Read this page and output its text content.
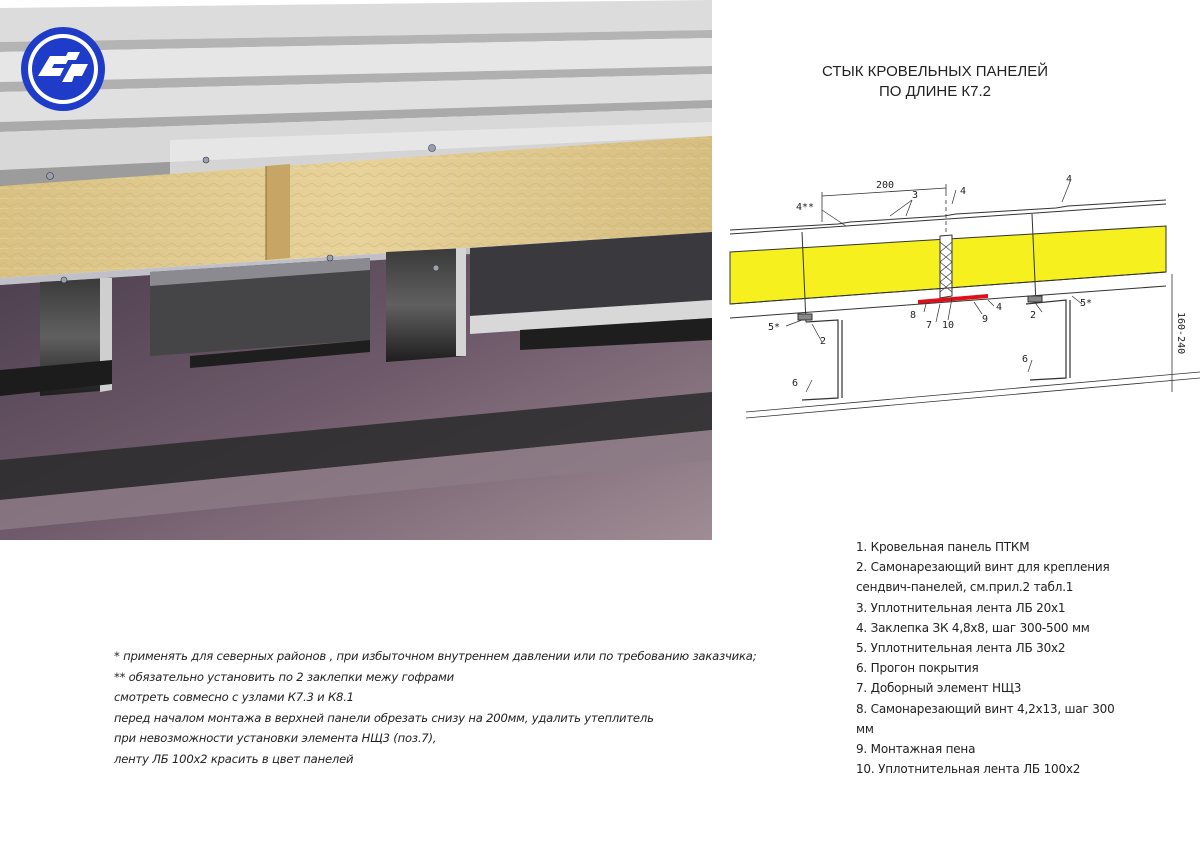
СТЫК КРОВЕЛЬНЫХ ПАНЕЛЕЙ
ПО ДЛИНЕ К7.2
200
160-240
4**
3	4
4
5*
2
8
7 10
4
9	2
5*
6
6
1. Кровельная панель ПТКМ
2. Самонарезающий винт для крепления
сендвич-панелей, см.прил.2 табл.1
3. Уплотнительная лента ЛБ 20х1
4. Заклепка ЗК 4,8х8, шаг 300-500 мм
5. Уплотнительная лента ЛБ 30х2
6. Прогон покрытия
7. Доборный элемент НЩ3
8. Самонарезающий винт 4,2х13, шаг 300
мм
9. Монтажная пена
10. Уплотнительная лента ЛБ 100х2
* применять для северных районов , при избыточном внутреннем давлении или по требованию заказчика;
** обязательно установить по 2 заклепки межу гофрами
смотреть совмесно с узлами К7.3 и К8.1
перед началом монтажа в верхней панели обрезать снизу на 200мм, удалить утеплитель
при невозможности установки элемента НЩ3 (поз.7),
ленту ЛБ 100х2 красить в цвет панелей
